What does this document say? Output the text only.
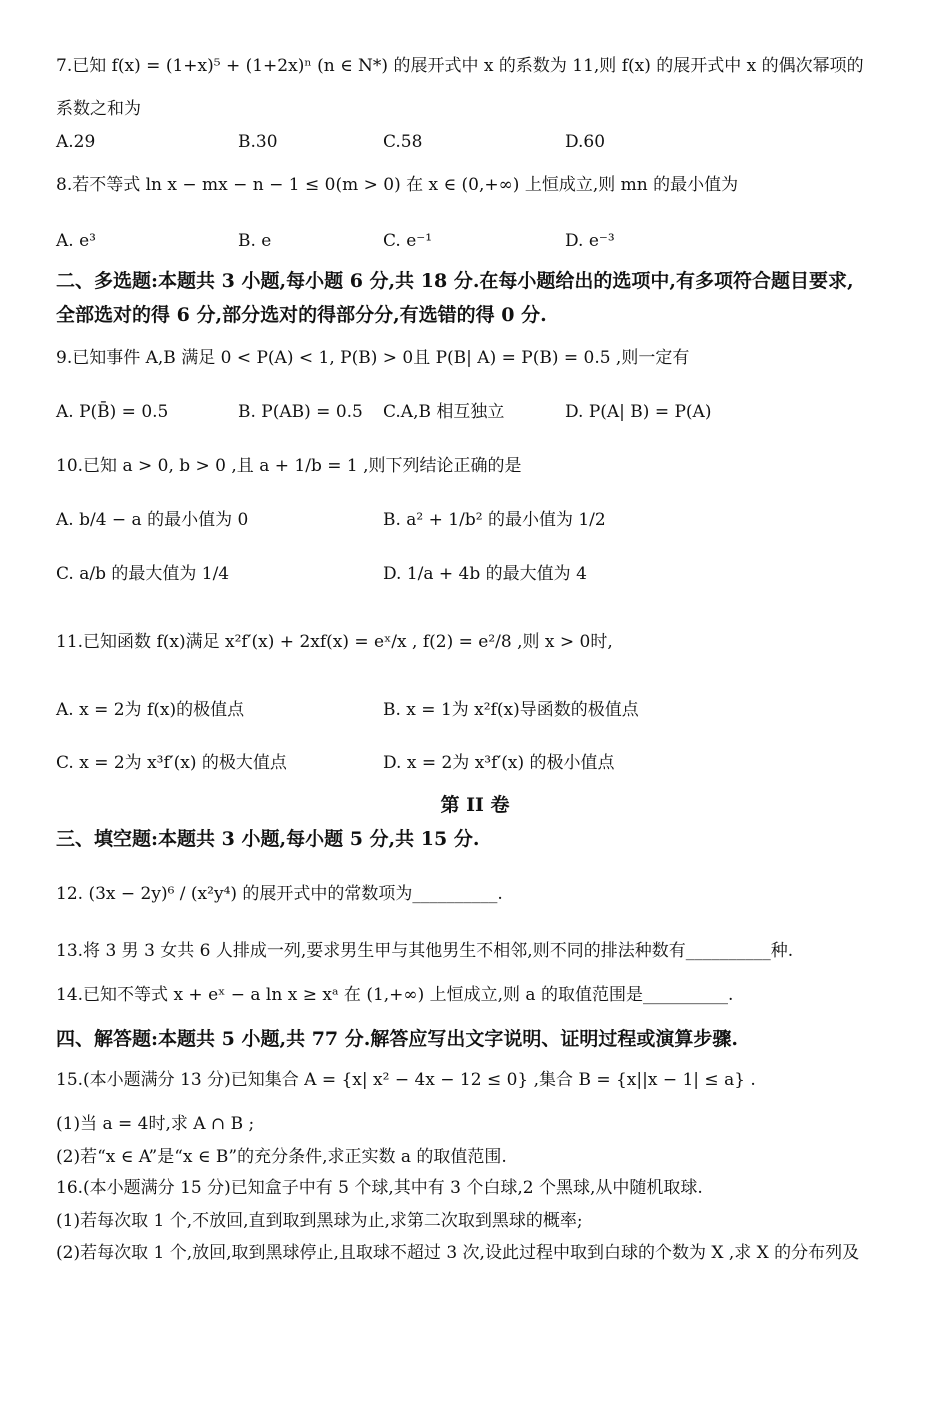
7.已知 f(x) = (1+x)⁵ + (1+2x)ⁿ (n ∈ N*) 的展开式中 x 的系数为 11,则 f(x) 的展开式中 x 的偶次幂项的
系数之和为
A.29	B.30	C.58	D.60
8.若不等式 ln x − mx − n − 1 ≤ 0(m > 0) 在 x ∈ (0,+∞) 上恒成立,则 mn 的最小值为
A. e³	B. e	C. e⁻¹	D. e⁻³
二、多选题:本题共 3 小题,每小题 6 分,共 18 分.在每小题给出的选项中,有多项符合题目要求,
全部选对的得 6 分,部分选对的得部分分,有选错的得 0 分.
9.已知事件 A,B 满足 0 < P(A) < 1, P(B) > 0且 P(B| A) = P(B) = 0.5 ,则一定有
A. P(B̄) = 0.5	B. P(AB) = 0.5 C.A,B 相互独立	D. P(A| B) = P(A)
10.已知 a > 0, b > 0 ,且 a + 1/b = 1 ,则下列结论正确的是
A. b/4 − a 的最小值为 0	B. a² + 1/b² 的最小值为 1/2
C. a/b 的最大值为 1/4	D. 1/a + 4b 的最大值为 4
11.已知函数 f(x)满足 x²f′(x) + 2xf(x) = eˣ/x , f(2) = e²/8 ,则 x > 0时,
A. x = 2为 f(x)的极值点	B. x = 1为 x²f(x)导函数的极值点
C. x = 2为 x³f′(x) 的极大值点	D. x = 2为 x³f′(x) 的极小值点
第 II 卷
三、填空题:本题共 3 小题,每小题 5 分,共 15 分.
12. (3x − 2y)⁶ / (x²y⁴) 的展开式中的常数项为__________.
13.将 3 男 3 女共 6 人排成一列,要求男生甲与其他男生不相邻,则不同的排法种数有__________种.
14.已知不等式 x + eˣ − a ln x ≥ xᵃ 在 (1,+∞) 上恒成立,则 a 的取值范围是__________.
四、解答题:本题共 5 小题,共 77 分.解答应写出文字说明、证明过程或演算步骤.
15.(本小题满分 13 分)已知集合 A = {x| x² − 4x − 12 ≤ 0} ,集合 B = {x||x − 1| ≤ a} .
(1)当 a = 4时,求 A ∩ B ;
(2)若“x ∈ A”是“x ∈ B”的充分条件,求正实数 a 的取值范围.
16.(本小题满分 15 分)已知盒子中有 5 个球,其中有 3 个白球,2 个黑球,从中随机取球.
(1)若每次取 1 个,不放回,直到取到黑球为止,求第二次取到黑球的概率;
(2)若每次取 1 个,放回,取到黑球停止,且取球不超过 3 次,设此过程中取到白球的个数为 X ,求 X 的分布列及
